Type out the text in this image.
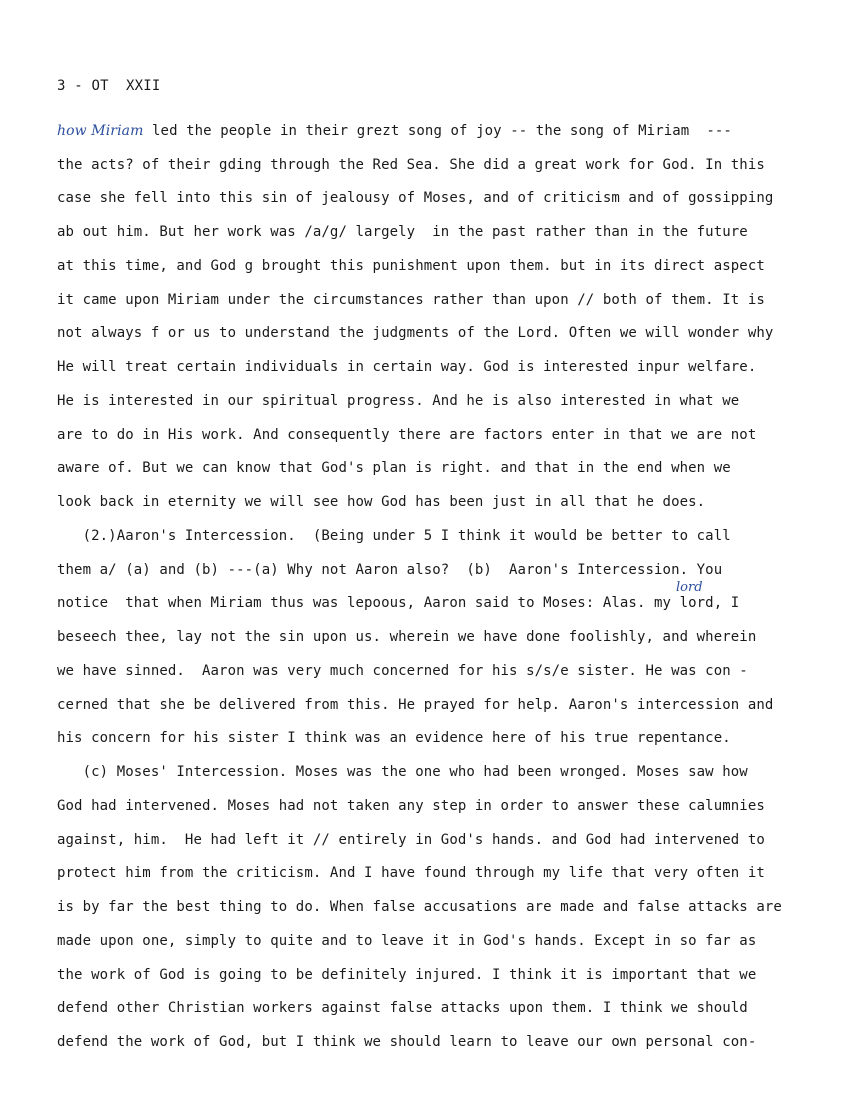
3 - OT  XXII
how Miriam led the people in their grezt song of joy -- the song of Miriam  ---
the acts? of their gding through the Red Sea. She did a great work for God. In this
case she fell into this sin of jealousy of Moses, and of criticism and of gossipping
ab out him. But her work was /a/g/ largely  in the past rather than in the future
at this time, and God g brought this punishment upon them. but in its direct aspect
it came upon Miriam under the circumstances rather than upon // both of them. It is
not always f or us to understand the judgments of the Lord. Often we will wonder why
He will treat certain individuals in certain way. God is interested inpur welfare.
He is interested in our spiritual progress. And he is also interested in what we
are to do in His work. And consequently there are factors enter in that we are not
aware of. But we can know that God's plan is right. and that in the end when we
look back in eternity we will see how God has been just in all that he does.
(2.)Aaron's Intercession.  (Being under 5 I think it would be better to call
them a/ (a) and (b) ---(a) Why not Aaron also?  (b)  Aaron's Intercession. You
notice  that when Miriam thus was lepoous, Aaron said to Moses: Alas. my lord, I
beseech thee, lay not the sin upon us. wherein we have done foolishly, and wherein
we have sinned.  Aaron was very much concerned for his s/s/e sister. He was con -
cerned that she be delivered from this. He prayed for help. Aaron's intercession and
his concern for his sister I think was an evidence here of his true repentance.
(c) Moses' Intercession. Moses was the one who had been wronged. Moses saw how
God had intervened. Moses had not taken any step in order to answer these calumnies
against, him.  He had left it // entirely in God's hands. and God had intervened to
protect him from the criticism. And I have found through my life that very often it
is by far the best thing to do. When false accusations are made and false attacks are
made upon one, simply to quite and to leave it in God's hands. Except in so far as
the work of God is going to be definitely injured. I think it is important that we
defend other Christian workers against false attacks upon them. I think we should
defend the work of God, but I think we should learn to leave our own personal con-
lord
